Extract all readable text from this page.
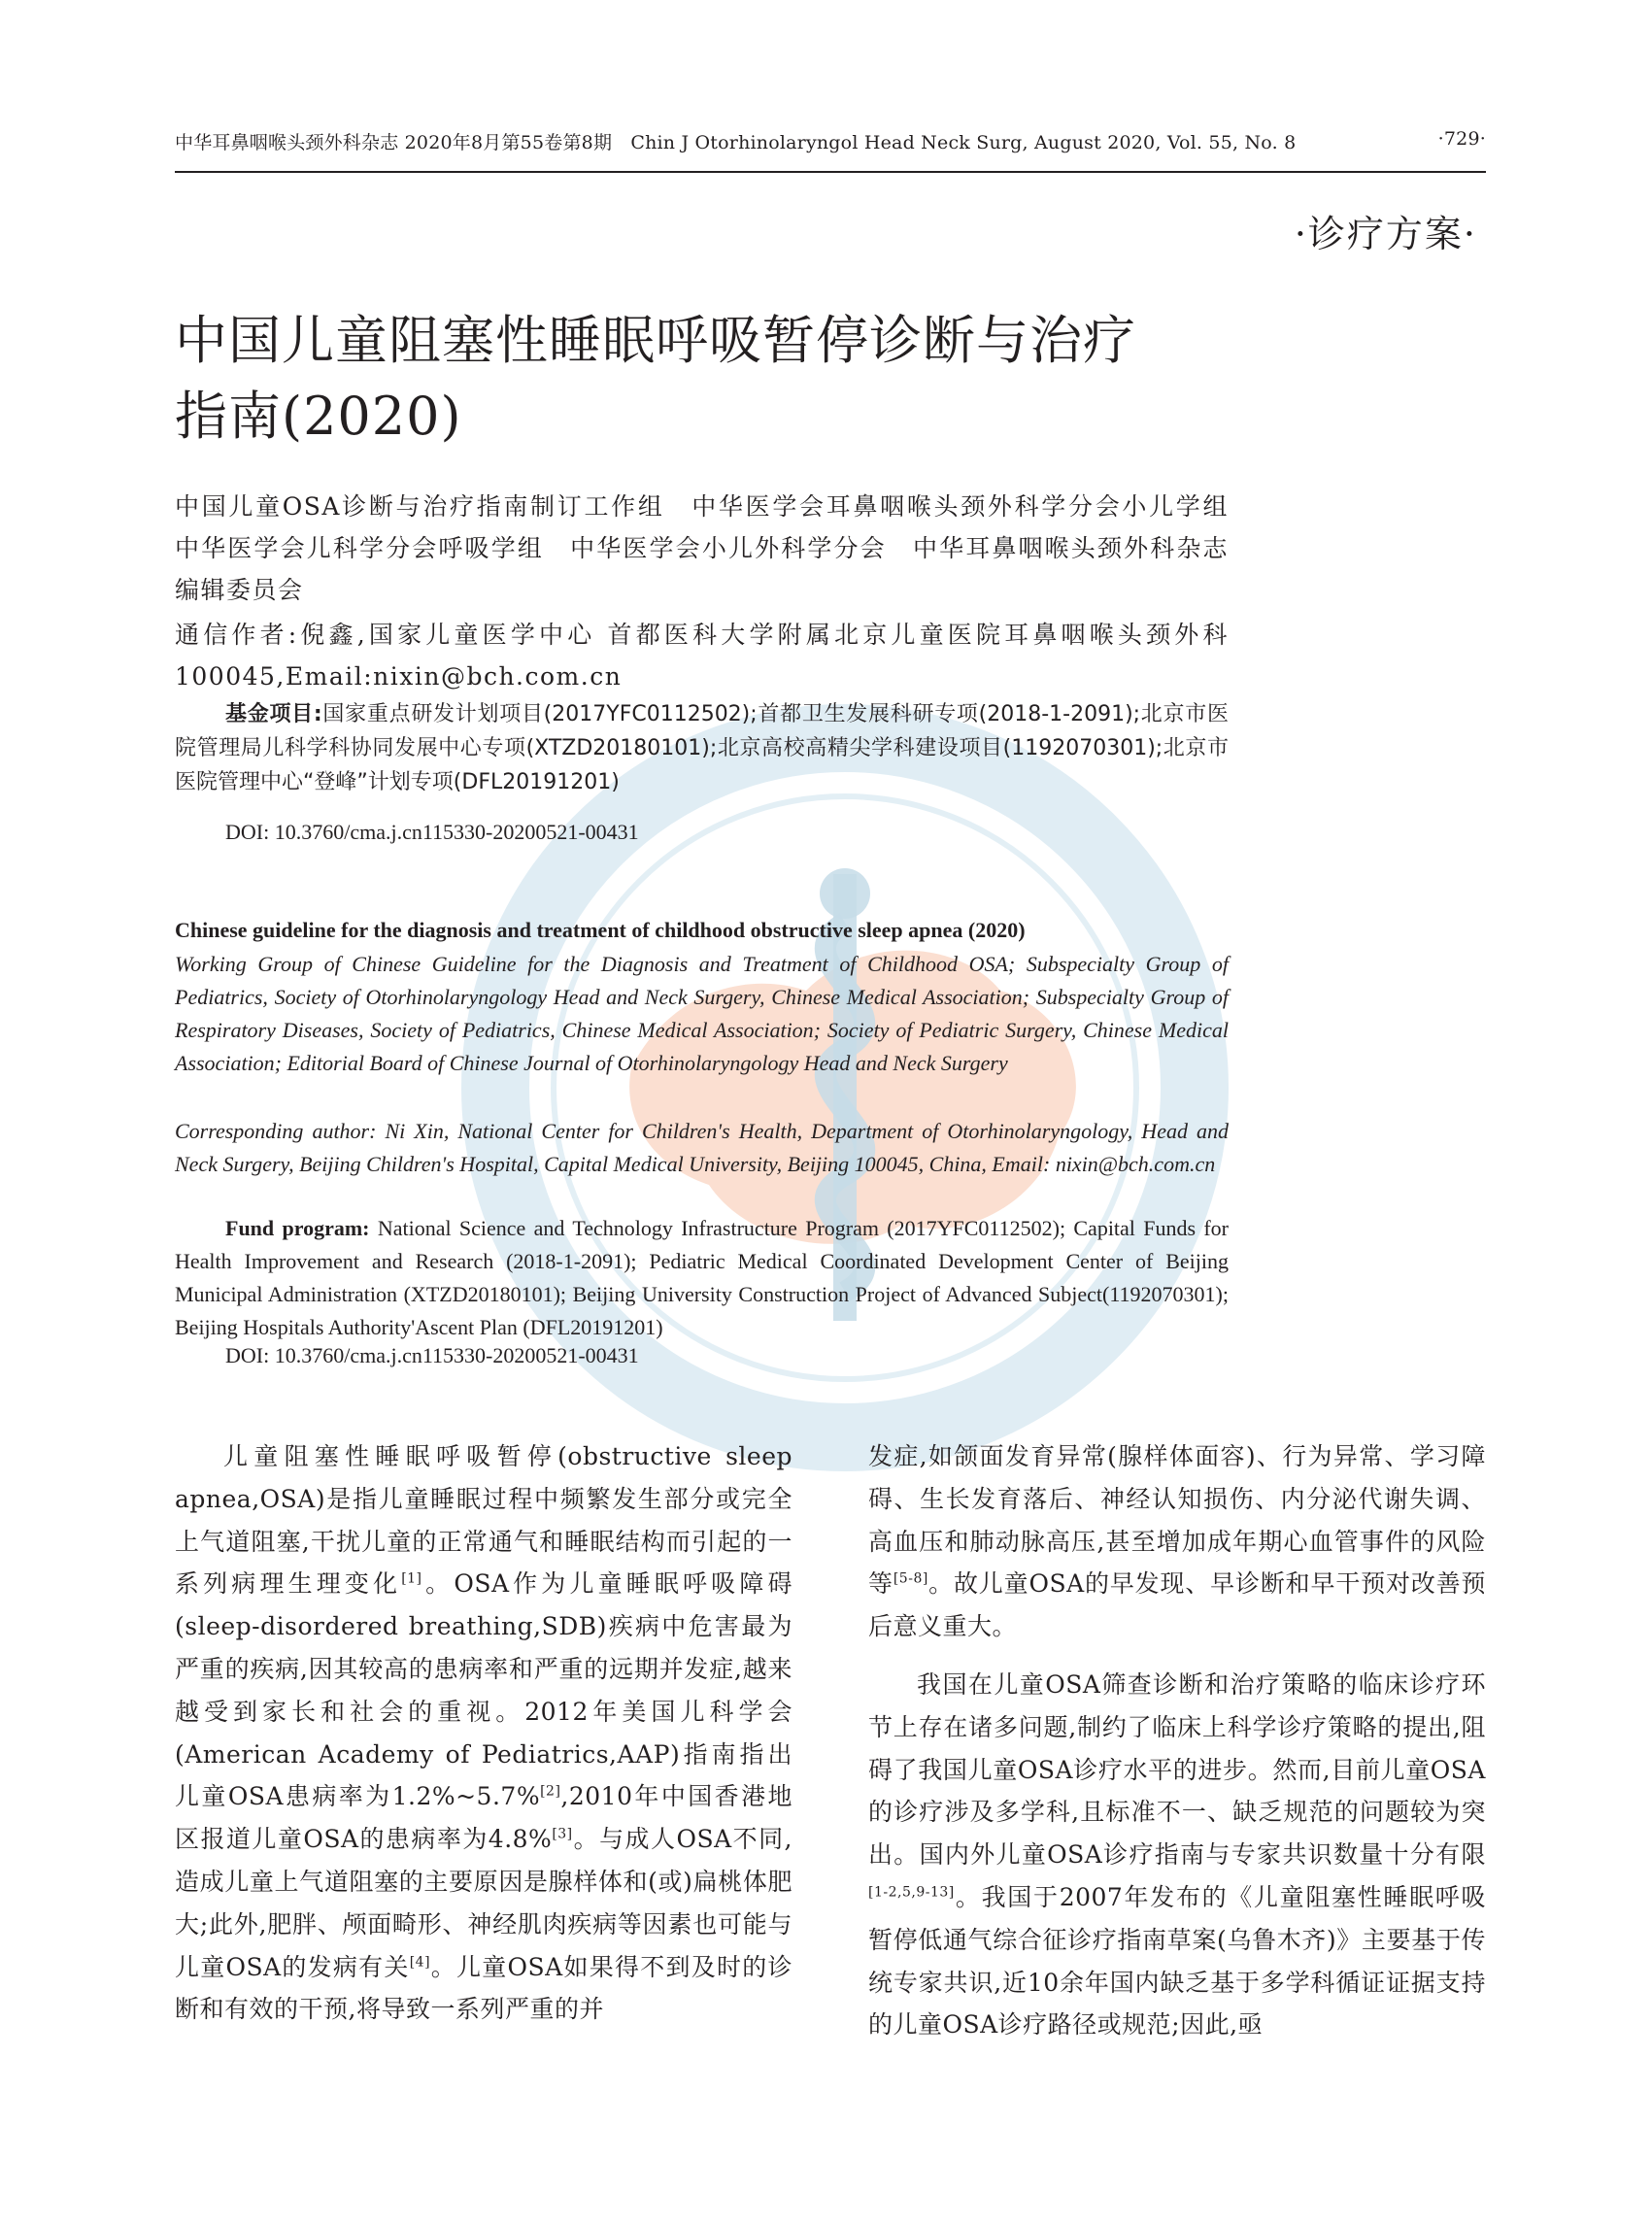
中华耳鼻咽喉头颈外科杂志 2020年8月第55卷第8期　Chin J Otorhinolaryngol Head Neck Surg, August 2020, Vol. 55, No. 8	·729·
·诊疗方案·
中国儿童阻塞性睡眠呼吸暂停诊断与治疗
指南(2020)
中国儿童OSA诊断与治疗指南制订工作组　中华医学会耳鼻咽喉头颈外科学分会小儿学组　中华医学会儿科学分会呼吸学组　中华医学会小儿外科学分会　中华耳鼻咽喉头颈外科杂志编辑委员会
通信作者:倪鑫,国家儿童医学中心 首都医科大学附属北京儿童医院耳鼻咽喉头颈外科 100045,Email:nixin@bch.com.cn
基金项目:国家重点研发计划项目(2017YFC0112502);首都卫生发展科研专项(2018-1-2091);北京市医院管理局儿科学科协同发展中心专项(XTZD20180101);北京高校高精尖学科建设项目(1192070301);北京市医院管理中心“登峰”计划专项(DFL20191201)
DOI: 10.3760/cma.j.cn115330-20200521-00431
Chinese guideline for the diagnosis and treatment of childhood obstructive sleep apnea (2020)
Working Group of Chinese Guideline for the Diagnosis and Treatment of Childhood OSA; Subspecialty Group of Pediatrics, Society of Otorhinolaryngology Head and Neck Surgery, Chinese Medical Association; Subspecialty Group of Respiratory Diseases, Society of Pediatrics, Chinese Medical Association; Society of Pediatric Surgery, Chinese Medical Association; Editorial Board of Chinese Journal of Otorhinolaryngology Head and Neck Surgery
Corresponding author: Ni Xin, National Center for Children's Health, Department of Otorhinolaryngology, Head and Neck Surgery, Beijing Children's Hospital, Capital Medical University, Beijing 100045, China, Email: nixin@bch.com.cn
Fund program: National Science and Technology Infrastructure Program (2017YFC0112502); Capital Funds for Health Improvement and Research (2018-1-2091); Pediatric Medical Coordinated Development Center of Beijing Municipal Administration (XTZD20180101); Beijing University Construction Project of Advanced Subject(1192070301); Beijing Hospitals Authority'Ascent Plan (DFL20191201)
DOI: 10.3760/cma.j.cn115330-20200521-00431

儿童阻塞性睡眠呼吸暂停(obstructive sleep apnea,OSA)是指儿童睡眠过程中频繁发生部分或完全上气道阻塞,干扰儿童的正常通气和睡眠结构而引起的一系列病理生理变化[1]。OSA作为儿童睡眠呼吸障碍(sleep-disordered breathing,SDB)疾病中危害最为严重的疾病,因其较高的患病率和严重的远期并发症,越来越受到家长和社会的重视。2012年美国儿科学会(American Academy of Pediatrics,AAP)指南指出儿童OSA患病率为1.2%~5.7%[2],2010年中国香港地区报道儿童OSA的患病率为4.8%[3]。与成人OSA不同,造成儿童上气道阻塞的主要原因是腺样体和(或)扁桃体肥大;此外,肥胖、颅面畸形、神经肌肉疾病等因素也可能与儿童OSA的发病有关[4]。儿童OSA如果得不到及时的诊断和有效的干预,将导致一系列严重的并

发症,如颌面发育异常(腺样体面容)、行为异常、学习障碍、生长发育落后、神经认知损伤、内分泌代谢失调、高血压和肺动脉高压,甚至增加成年期心血管事件的风险等[5-8]。故儿童OSA的早发现、早诊断和早干预对改善预后意义重大。

我国在儿童OSA筛查诊断和治疗策略的临床诊疗环节上存在诸多问题,制约了临床上科学诊疗策略的提出,阻碍了我国儿童OSA诊疗水平的进步。然而,目前儿童OSA的诊疗涉及多学科,且标准不一、缺乏规范的问题较为突出。国内外儿童OSA诊疗指南与专家共识数量十分有限[1-2,5,9-13]。我国于2007年发布的《儿童阻塞性睡眠呼吸暂停低通气综合征诊疗指南草案(乌鲁木齐)》主要基于传统专家共识,近10余年国内缺乏基于多学科循证证据支持的儿童OSA诊疗路径或规范;因此,亟
